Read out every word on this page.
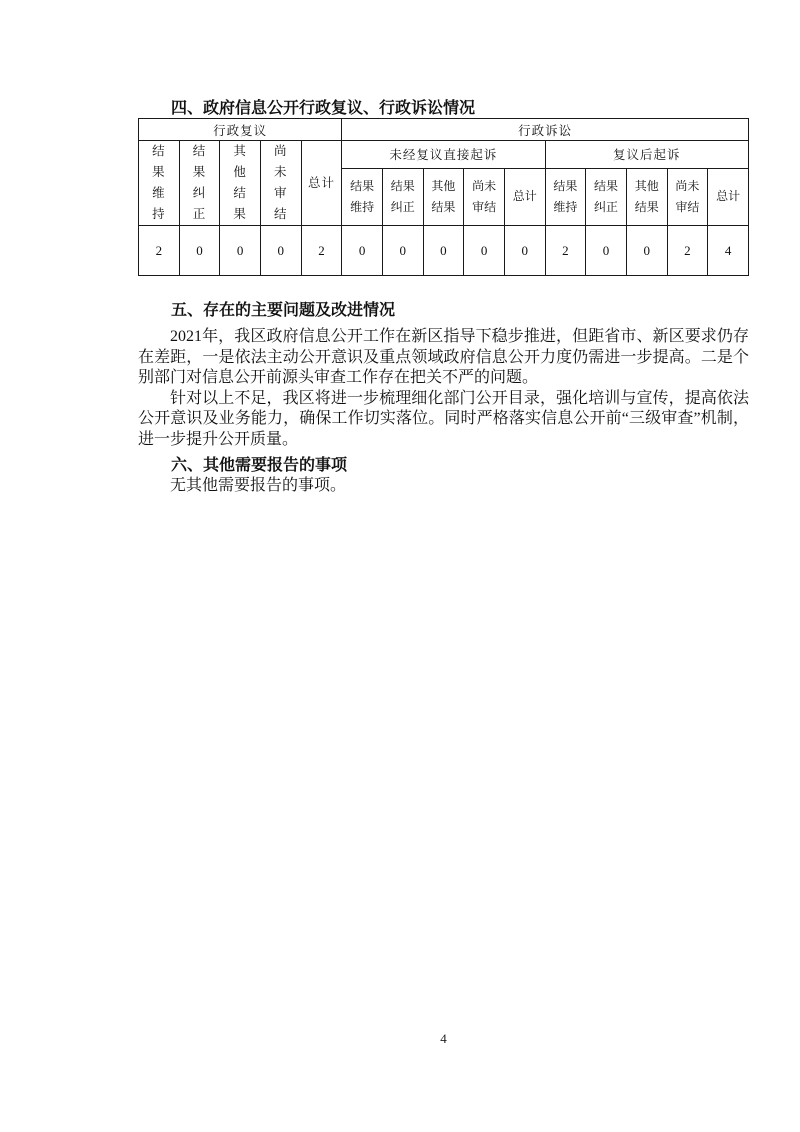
四、政府信息公开行政复议、行政诉讼情况
行政复议					行政诉讼									
结果维持	结果纠正	其他结果	尚未审结	总计	未经复议直接起诉					复议后起诉				
					结果维持	结果纠正	其他结果	尚未审结	总计	结果维持	结果纠正	其他结果	尚未审结	总计
2	0	0	0	2	0	0	0	0	0	2	0	0	2	4
五、存在的主要问题及改进情况

2021年，我区政府信息公开工作在新区指导下稳步推进，但距省市、新区要求仍存在差距，一是依法主动公开意识及重点领域政府信息公开力度仍需进一步提高。二是个别部门对信息公开前源头审查工作存在把关不严的问题。

针对以上不足，我区将进一步梳理细化部门公开目录，强化培训与宣传，提高依法公开意识及业务能力，确保工作切实落位。同时严格落实信息公开前“三级审查”机制，进一步提升公开质量。

六、其他需要报告的事项

无其他需要报告的事项。

4
